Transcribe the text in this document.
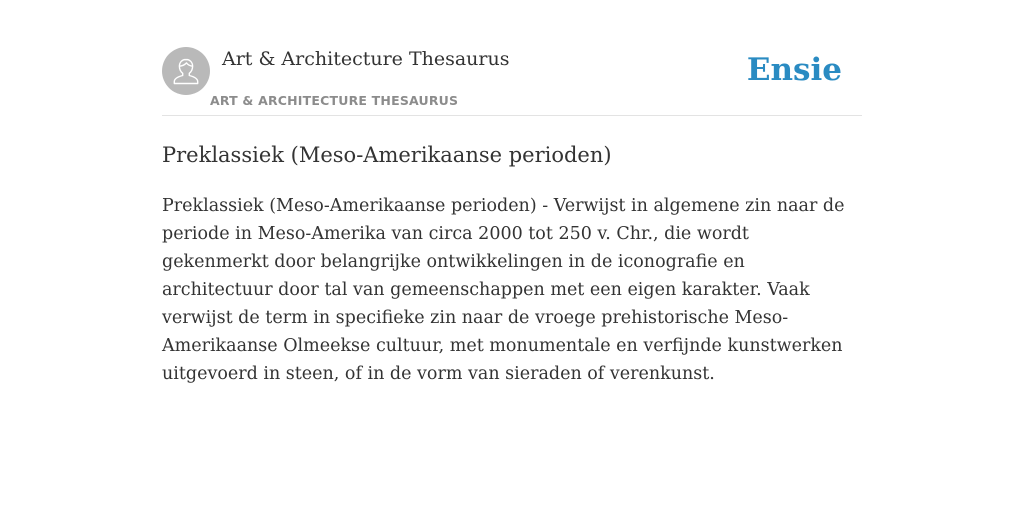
Art & Architecture Thesaurus
ART & ARCHITECTURE THESAURUS
Ensie
Preklassiek (Meso-Amerikaanse perioden)

Preklassiek (Meso-Amerikaanse perioden) - Verwijst in algemene zin naar de periode in Meso-Amerika van circa 2000 tot 250 v. Chr., die wordt gekenmerkt door belangrijke ontwikkelingen in de iconografie en architectuur door tal van gemeenschappen met een eigen karakter. Vaak verwijst de term in specifieke zin naar de vroege prehistorische Meso-Amerikaanse Olmeekse cultuur, met monumentale en verfijnde kunstwerken uitgevoerd in steen, of in de vorm van sieraden of verenkunst.
